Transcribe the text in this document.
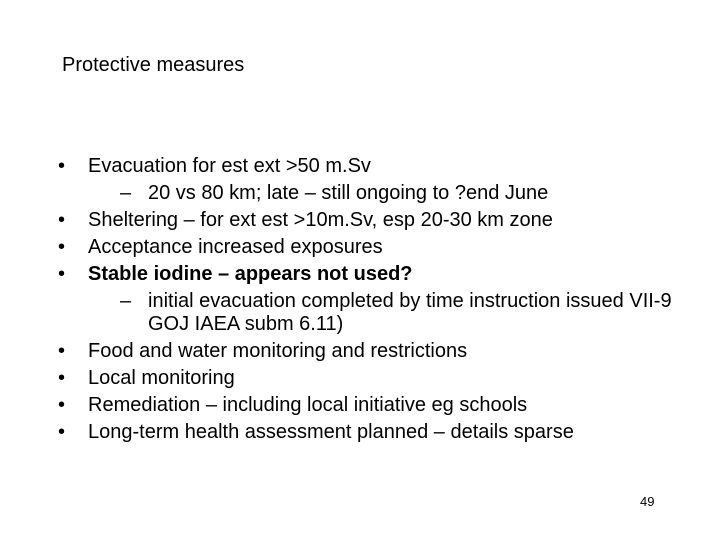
Protective measures
• Evacuation for est ext >50 m.Sv
– 20 vs 80 km; late – still ongoing to ?end June
• Sheltering – for ext est >10m.Sv, esp 20-30 km zone
• Acceptance increased exposures
• Stable iodine – appears not used?
– initial evacuation completed by time instruction issued VII-9 GOJ IAEA subm 6.11)
• Food and water monitoring and restrictions
• Local monitoring
• Remediation – including local initiative eg schools
• Long-term health assessment planned – details sparse
49
